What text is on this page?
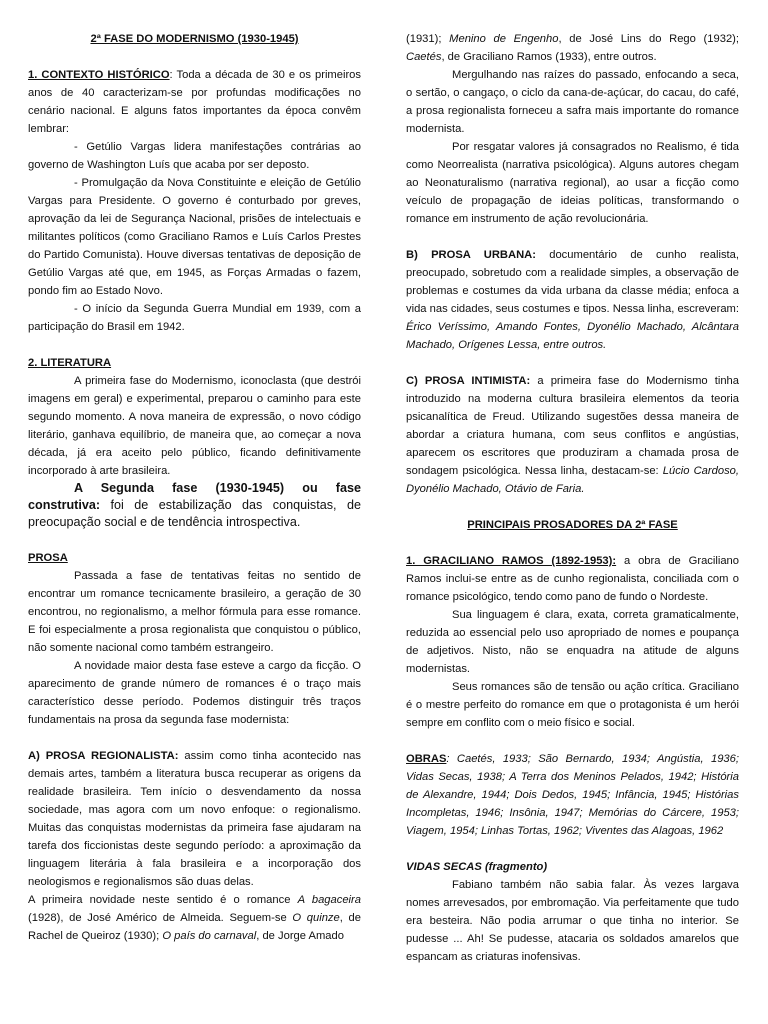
2ª FASE DO MODERNISMO (1930-1945)

1. CONTEXTO HISTÓRICO: Toda a década de 30 e os primeiros anos de 40 caracterizam-se por profundas modificações no cenário nacional. E alguns fatos importantes da época convêm lembrar:

- Getúlio Vargas lidera manifestações contrárias ao governo de Washington Luís que acaba por ser deposto.

- Promulgação da Nova Constituinte e eleição de Getúlio Vargas para Presidente. O governo é conturbado por greves, aprovação da lei de Segurança Nacional, prisões de intelectuais e militantes políticos (como Graciliano Ramos e Luís Carlos Prestes do Partido Comunista). Houve diversas tentativas de deposição de Getúlio Vargas até que, em 1945, as Forças Armadas o fazem, pondo fim ao Estado Novo.

- O início da Segunda Guerra Mundial em 1939, com a participação do Brasil em 1942.

2. LITERATURA

A primeira fase do Modernismo, iconoclasta (que destrói imagens em geral) e experimental, preparou o caminho para este segundo momento. A nova maneira de expressão, o novo código literário, ganhava equilíbrio, de maneira que, ao começar a nova década, já era aceito pelo público, ficando definitivamente incorporado à arte brasileira.

A Segunda fase (1930-1945) ou fase construtiva: foi de estabilização das conquistas, de preocupação social e de tendência introspectiva.

PROSA

Passada a fase de tentativas feitas no sentido de encontrar um romance tecnicamente brasileiro, a geração de 30 encontrou, no regionalismo, a melhor fórmula para esse romance. E foi especialmente a prosa regionalista que conquistou o público, não somente nacional como também estrangeiro.

A novidade maior desta fase esteve a cargo da ficção. O aparecimento de grande número de romances é o traço mais característico desse período. Podemos distinguir três traços fundamentais na prosa da segunda fase modernista:

A) PROSA REGIONALISTA: assim como tinha acontecido nas demais artes, também a literatura busca recuperar as origens da realidade brasileira. Tem início o desvendamento da nossa sociedade, mas agora com um novo enfoque: o regionalismo. Muitas das conquistas modernistas da primeira fase ajudaram na tarefa dos ficcionistas deste segundo período: a aproximação da linguagem literária à fala brasileira e a incorporação dos neologismos e regionalismos são duas delas.

A primeira novidade neste sentido é o romance A bagaceira (1928), de José Américo de Almeida. Seguem-se O quinze, de Rachel de Queiroz (1930); O país do carnaval, de Jorge Amado

(1931); Menino de Engenho, de José Lins do Rego (1932); Caetés, de Graciliano Ramos (1933), entre outros.

Mergulhando nas raízes do passado, enfocando a seca, o sertão, o cangaço, o ciclo da cana-de-açúcar, do cacau, do café, a prosa regionalista forneceu a safra mais importante do romance modernista.

Por resgatar valores já consagrados no Realismo, é tida como Neorrealista (narrativa psicológica). Alguns autores chegam ao Neonaturalismo (narrativa regional), ao usar a ficção como veículo de propagação de ideias políticas, transformando o romance em instrumento de ação revolucionária.

B) PROSA URBANA: documentário de cunho realista, preocupado, sobretudo com a realidade simples, a observação de problemas e costumes da vida urbana da classe média; enfoca a vida nas cidades, seus costumes e tipos. Nessa linha, escreveram: Érico Veríssimo, Amando Fontes, Dyonélio Machado, Alcântara Machado, Orígenes Lessa, entre outros.

C) PROSA INTIMISTA: a primeira fase do Modernismo tinha introduzido na moderna cultura brasileira elementos da teoria psicanalítica de Freud. Utilizando sugestões dessa maneira de abordar a criatura humana, com seus conflitos e angústias, aparecem os escritores que produziram a chamada prosa de sondagem psicológica. Nessa linha, destacam-se: Lúcio Cardoso, Dyonélio Machado, Otávio de Faria.

PRINCIPAIS PROSADORES DA 2ª FASE

1. GRACILIANO RAMOS (1892-1953): a obra de Graciliano Ramos inclui-se entre as de cunho regionalista, conciliada com o romance psicológico, tendo como pano de fundo o Nordeste.

Sua linguagem é clara, exata, correta gramaticalmente, reduzida ao essencial pelo uso apropriado de nomes e poupança de adjetivos. Nisto, não se enquadra na atitude de alguns modernistas.

Seus romances são de tensão ou ação crítica. Graciliano é o mestre perfeito do romance em que o protagonista é um herói sempre em conflito com o meio físico e social.

OBRAS: Caetés, 1933; São Bernardo, 1934; Angústia, 1936; Vidas Secas, 1938; A Terra dos Meninos Pelados, 1942; História de Alexandre, 1944; Dois Dedos, 1945; Infância, 1945; Histórias Incompletas, 1946; Insônia, 1947; Memórias do Cárcere, 1953; Viagem, 1954; Linhas Tortas, 1962; Viventes das Alagoas, 1962

VIDAS SECAS (fragmento)

Fabiano também não sabia falar. Às vezes largava nomes arrevesados, por embromação. Via perfeitamente que tudo era besteira. Não podia arrumar o que tinha no interior. Se pudesse ... Ah! Se pudesse, atacaria os soldados amarelos que espancam as criaturas inofensivas.
